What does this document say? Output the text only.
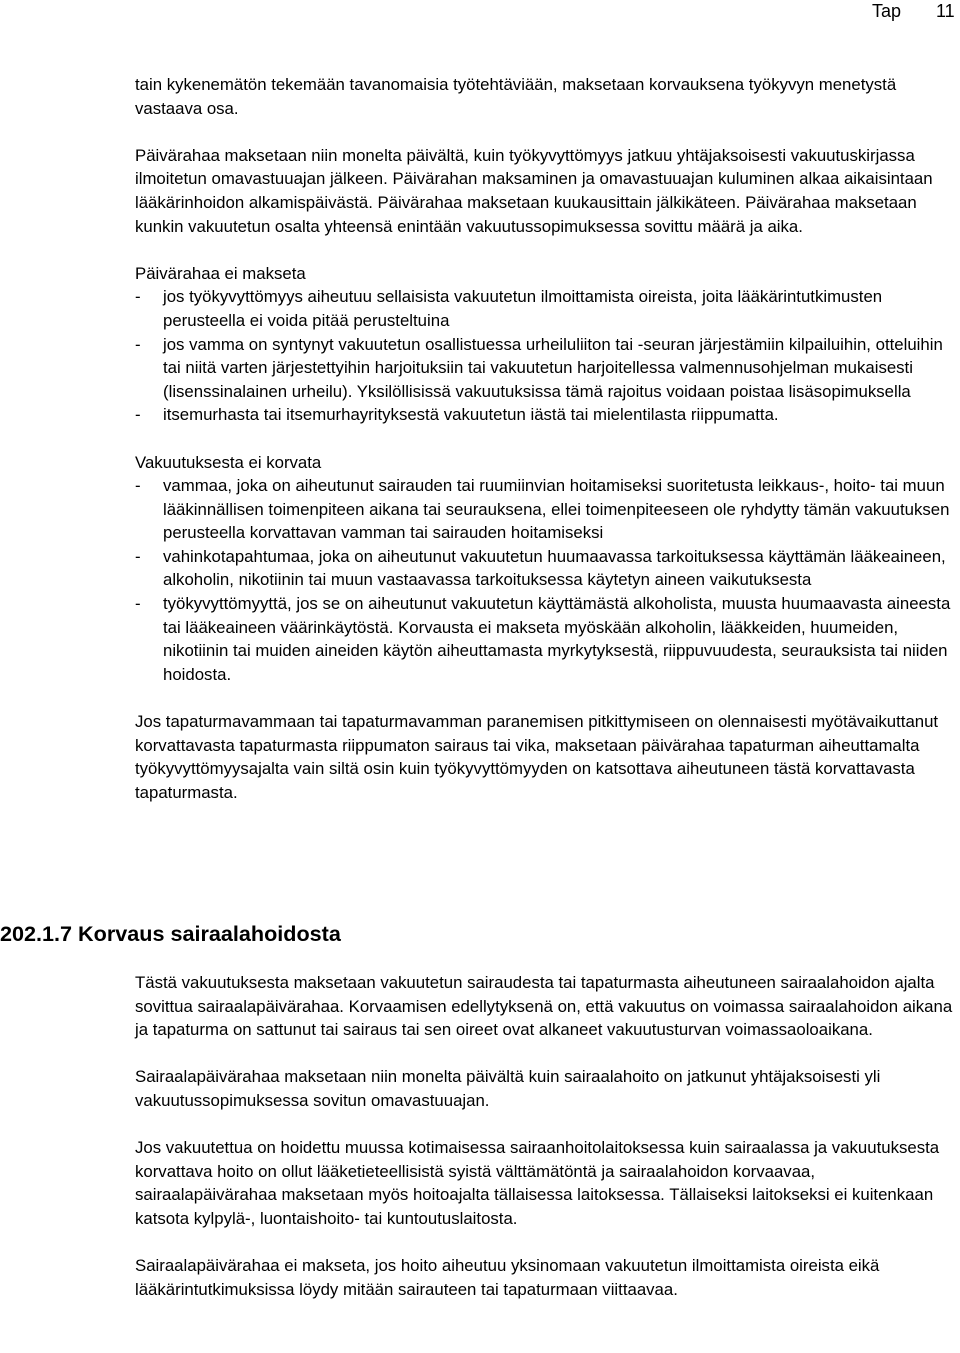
Tap 11

tain kykenemätön tekemään tavanomaisia työtehtäviään, maksetaan korvauksena työkyvyn menetystä vastaava osa.

Päivärahaa maksetaan niin monelta päivältä, kuin työkyvyttömyys jatkuu yhtäjaksoisesti vakuutuskirjassa ilmoitetun omavastuuajan jälkeen. Päivärahan maksaminen ja omavastuuajan kuluminen alkaa aikaisintaan lääkärinhoidon alkamispäivästä. Päivärahaa maksetaan kuukausittain jälkikäteen. Päivärahaa maksetaan kunkin vakuutetun osalta yhteensä enintään vakuutussopimuksessa sovittu määrä ja aika.

Päivärahaa ei makseta

- jos työkyvyttömyys aiheutuu sellaisista vakuutetun ilmoittamista oireista, joita lääkärintutkimusten perusteella ei voida pitää perusteltuina
- jos vamma on syntynyt vakuutetun osallistuessa urheiluliiton tai -seuran järjestämiin kilpailuihin, otteluihin tai niitä varten järjestettyihin harjoituksiin tai vakuutetun harjoitellessa valmennusohjelman mukaisesti (lisenssinalainen urheilu). Yksilöllisissä vakuutuksissa tämä rajoitus voidaan poistaa lisäsopimuksella
- itsemurhasta tai itsemurhayrityksestä vakuutetun iästä tai mielentilasta riippumatta.

Vakuutuksesta ei korvata

- vammaa, joka on aiheutunut sairauden tai ruumiinvian hoitamiseksi suoritetusta leikkaus-, hoito- tai muun lääkinnällisen toimenpiteen aikana tai seurauksena, ellei toimenpiteeseen ole ryhdytty tämän vakuutuksen perusteella korvattavan vamman tai sairauden hoitamiseksi
- vahinkotapahtumaa, joka on aiheutunut vakuutetun huumaavassa tarkoituksessa käyttämän lääkeaineen, alkoholin, nikotiinin tai muun vastaavassa tarkoituksessa käytetyn aineen vaikutuksesta
- työkyvyttömyyttä, jos se on aiheutunut vakuutetun käyttämästä alkoholista, muusta huumaavasta aineesta tai lääkeaineen väärinkäytöstä. Korvausta ei makseta myöskään alkoholin, lääkkeiden, huumeiden, nikotiinin tai muiden aineiden käytön aiheuttamasta myrkytyksestä, riippuvuudesta, seurauksista tai niiden hoidosta.

Jos tapaturmavammaan tai tapaturmavamman paranemisen pitkittymiseen on olennaisesti myötävaikuttanut korvattavasta tapaturmasta riippumaton sairaus tai vika, maksetaan päivärahaa tapaturman aiheuttamalta työkyvyttömyysajalta vain siltä osin kuin työkyvyttömyyden on katsottava aiheutuneen tästä korvattavasta tapaturmasta.

202.1.7 Korvaus sairaalahoidosta

Tästä vakuutuksesta maksetaan vakuutetun sairaudesta tai tapaturmasta aiheutuneen sairaalahoidon ajalta sovittua sairaalapäivärahaa. Korvaamisen edellytyksenä on, että vakuutus on voimassa sairaalahoidon aikana ja tapaturma on sattunut tai sairaus tai sen oireet ovat alkaneet vakuutusturvan voimassaoloaikana.

Sairaalapäivärahaa maksetaan niin monelta päivältä kuin sairaalahoito on jatkunut yhtäjaksoisesti yli vakuutussopimuksessa sovitun omavastuuajan.

Jos vakuutettua on hoidettu muussa kotimaisessa sairaanhoitolaitoksessa kuin sairaalassa ja vakuutuksesta korvattava hoito on ollut lääketieteellisistä syistä välttämätöntä ja sairaalahoidon korvaavaa, sairaalapäivärahaa maksetaan myös hoitoajalta tällaisessa laitoksessa. Tällaiseksi laitokseksi ei kuitenkaan katsota kylpylä-, luontaishoito- tai kuntoutuslaitosta.

Sairaalapäivärahaa ei makseta, jos hoito aiheutuu yksinomaan vakuutetun ilmoittamista oireista eikä lääkärintutkimuksissa löydy mitään sairauteen tai tapaturmaan viittaavaa.
